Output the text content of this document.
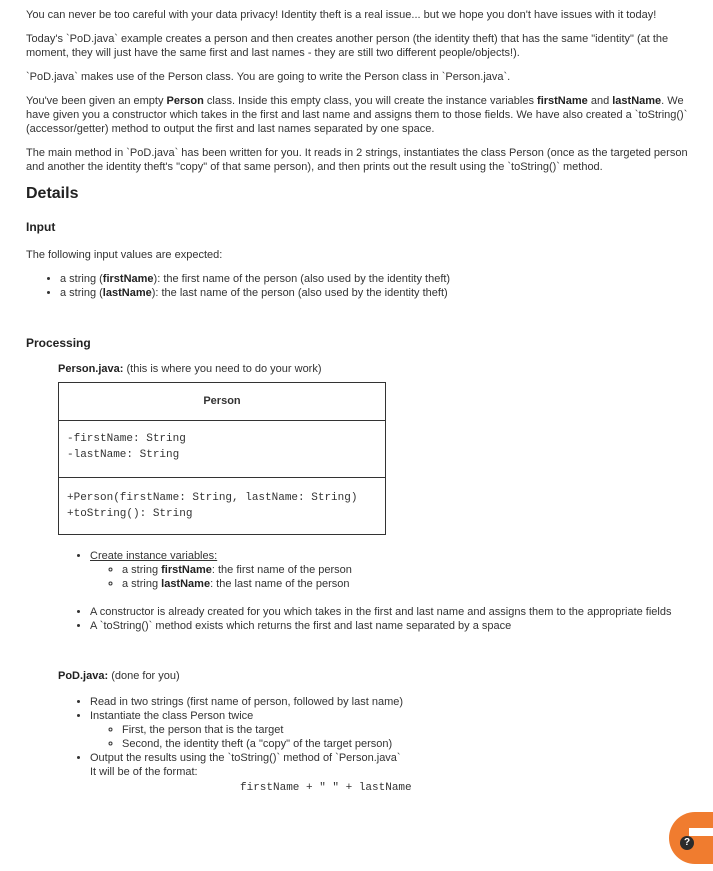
You can never be too careful with your data privacy! Identity theft is a real issue... but we hope you don't have issues with it today!

Today's `PoD.java` example creates a person and then creates another person (the identity theft) that has the same "identity" (at the moment, they will just have the same first and last names - they are still two different people/objects!).

`PoD.java` makes use of the Person class. You are going to write the Person class in `Person.java`.

You've been given an empty Person class. Inside this empty class, you will create the instance variables firstName and lastName. We have given you a constructor which takes in the first and last name and assigns them to those fields. We have also created a `toString()` (accessor/getter) method to output the first and last names separated by one space.

The main method in `PoD.java` has been written for you. It reads in 2 strings, instantiates the class Person (once as the targeted person and another the identity theft's "copy" of that same person), and then prints out the result using the `toString()` method.

Details
Input

The following input values are expected:

• a string (firstName): the first name of the person (also used by the identity theft)
• a string (lastName): the last name of the person (also used by the identity theft)
Processing
Person.java: (this is where you need to do your work)
Person
-firstName: String
-lastName: String
+Person(firstName: String, lastName: String)
+toString(): String
• Create instance variables:
◦ a string firstName: the first name of the person
◦ a string lastName: the last name of the person
• A constructor is already created for you which takes in the first and last name and assigns them to the appropriate fields
• A `toString()` method exists which returns the first and last name separated by a space
PoD.java: (done for you)
• Read in two strings (first name of person, followed by last name)
• Instantiate the class Person twice
◦ First, the person that is the target
◦ Second, the identity theft (a "copy" of the target person)
• Output the results using the `toString()` method of `Person.java`
It will be of the format:
firstName + " " + lastName
?
